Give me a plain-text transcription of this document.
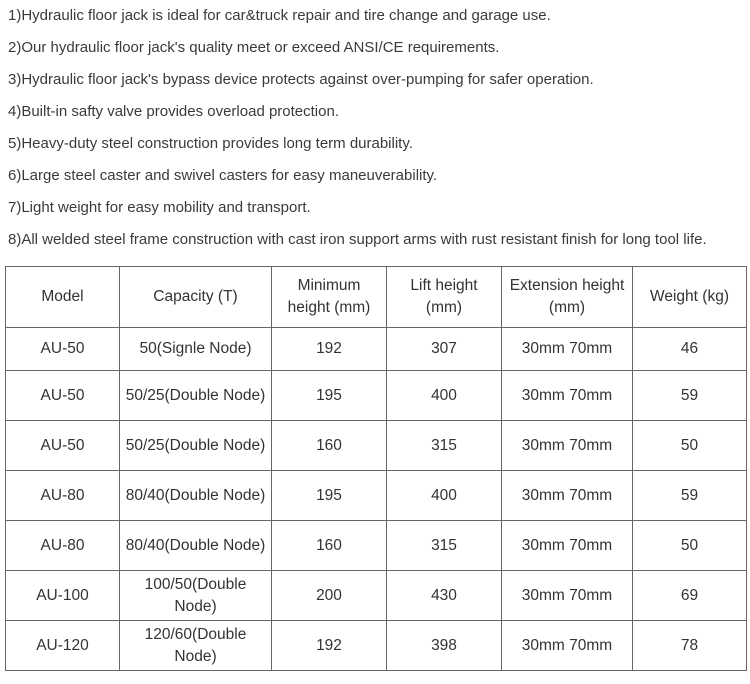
1)Hydraulic floor jack is ideal for car&truck repair and tire change and garage use.
2)Our hydraulic floor jack's quality meet or exceed ANSI/CE requirements.
3)Hydraulic floor jack's bypass device protects against over-pumping for safer operation.
4)Built-in safty valve provides overload protection.
5)Heavy-duty steel construction provides long term durability.
6)Large steel caster and swivel casters for easy maneuverability.
7)Light weight for easy mobility and transport.
8)All welded steel frame construction with cast iron support arms with rust resistant finish for long tool life.
Model	Capacity (T)	Minimum height (mm)	Lift height (mm)	Extension height (mm)	Weight (kg)
AU-50	50(Signle Node)	192	307	30mm 70mm	46
AU-50	50/25(Double Node)	195	400	30mm 70mm	59
AU-50	50/25(Double Node)	160	315	30mm 70mm	50
AU-80	80/40(Double Node)	195	400	30mm 70mm	59
AU-80	80/40(Double Node)	160	315	30mm 70mm	50
AU-100	100/50(Double Node)	200	430	30mm 70mm	69
AU-120	120/60(Double Node)	192	398	30mm 70mm	78
